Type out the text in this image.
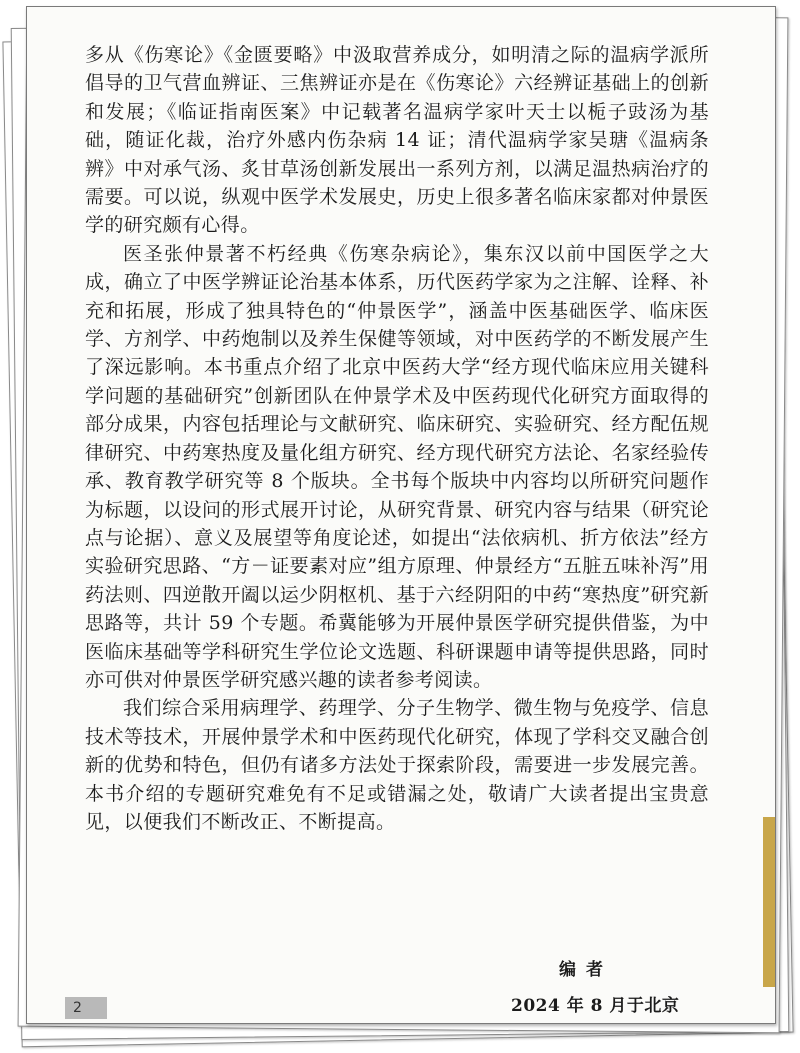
多从《伤寒论》《金匮要略》中汲取营养成分，如明清之际的温病学派所倡导的卫气营血辨证、三焦辨证亦是在《伤寒论》六经辨证基础上的创新和发展；《临证指南医案》中记载著名温病学家叶天士以栀子豉汤为基础，随证化裁，治疗外感内伤杂病 14 证；清代温病学家吴瑭《温病条辨》中对承气汤、炙甘草汤创新发展出一系列方剂，以满足温热病治疗的需要。可以说，纵观中医学术发展史，历史上很多著名临床家都对仲景医学的研究颇有心得。

医圣张仲景著不朽经典《伤寒杂病论》，集东汉以前中国医学之大成，确立了中医学辨证论治基本体系，历代医药学家为之注解、诠释、补充和拓展，形成了独具特色的“仲景医学”，涵盖中医基础医学、临床医学、方剂学、中药炮制以及养生保健等领域，对中医药学的不断发展产生了深远影响。本书重点介绍了北京中医药大学“经方现代临床应用关键科学问题的基础研究”创新团队在仲景学术及中医药现代化研究方面取得的部分成果，内容包括理论与文献研究、临床研究、实验研究、经方配伍规律研究、中药寒热度及量化组方研究、经方现代研究方法论、名家经验传承、教育教学研究等 8 个版块。全书每个版块中内容均以所研究问题作为标题，以设问的形式展开讨论，从研究背景、研究内容与结果（研究论点与论据）、意义及展望等角度论述，如提出“法依病机、折方依法”经方实验研究思路、“方－证要素对应”组方原理、仲景经方“五脏五味补泻”用药法则、四逆散开阖以运少阴枢机、基于六经阴阳的中药“寒热度”研究新思路等，共计 59 个专题。希冀能够为开展仲景医学研究提供借鉴，为中医临床基础等学科研究生学位论文选题、科研课题申请等提供思路，同时亦可供对仲景医学研究感兴趣的读者参考阅读。

我们综合采用病理学、药理学、分子生物学、微生物与免疫学、信息技术等技术，开展仲景学术和中医药现代化研究，体现了学科交叉融合创新的优势和特色，但仍有诸多方法处于探索阶段，需要进一步发展完善。本书介绍的专题研究难免有不足或错漏之处，敬请广大读者提出宝贵意见，以便我们不断改正、不断提高。

编者
2024 年 8 月于北京
2
